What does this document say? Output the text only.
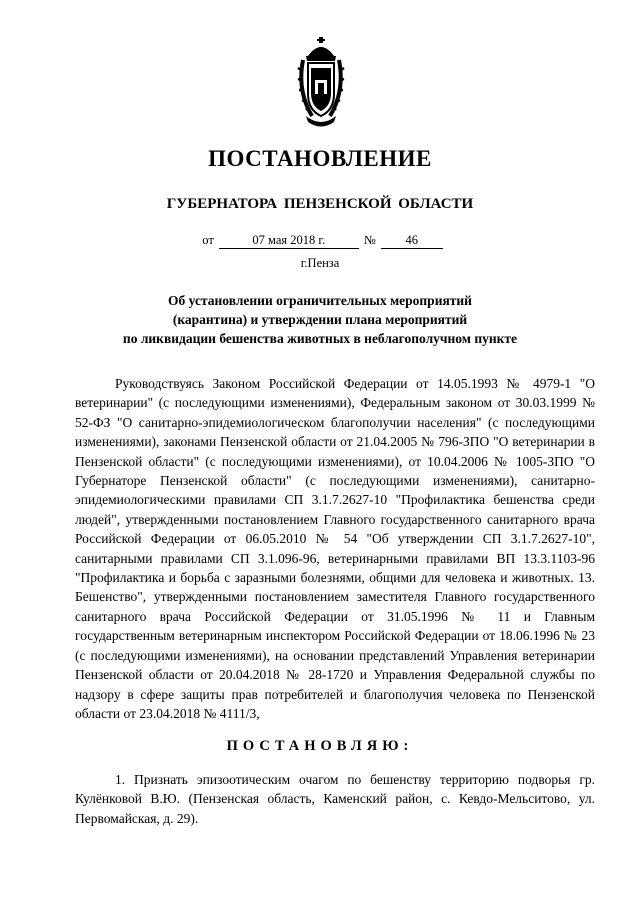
ПОСТАНОВЛЕНИЕ
ГУБЕРНАТОРА ПЕНЗЕНСКОЙ ОБЛАСТИ
от	07 мая 2018 г.	№ 46
г.Пенза
Об установлении ограничительных мероприятий
(карантина) и утверждении плана мероприятий
по ликвидации бешенства животных в неблагополучном пункте

Руководствуясь Законом Российской Федерации от 14.05.1993 № 4979-1 "О ветеринарии" (с последующими изменениями), Федеральным законом от 30.03.1999 № 52-ФЗ "О санитарно-эпидемиологическом благополучии населения" (с последующими изменениями), законами Пензенской области от 21.04.2005 № 796-ЗПО "О ветеринарии в Пензенской области" (с последующими изменениями), от 10.04.2006 № 1005-ЗПО "О Губернаторе Пензенской области" (с последующими изменениями), санитарно-эпидемиологическими правилами СП 3.1.7.2627-10 "Профилактика бешенства среди людей", утвержденными постановлением Главного государственного санитарного врача Российской Федерации от 06.05.2010 № 54 "Об утверждении СП 3.1.7.2627-10", санитарными правилами СП 3.1.096-96, ветеринарными правилами ВП 13.3.1103-96 "Профилактика и борьба с заразными болезнями, общими для человека и животных. 13. Бешенство", утвержденными постановлением заместителя Главного государственного санитарного врача Российской Федерации от 31.05.1996 № 11 и Главным государственным ветеринарным инспектором Российской Федерации от 18.06.1996 № 23 (с последующими изменениями), на основании представлений Управления ветеринарии Пензенской области от 20.04.2018 № 28-1720 и Управления Федеральной службы по надзору в сфере защиты прав потребителей и благополучия человека по Пензенской области от 23.04.2018 № 4111/3,

ПОСТАНОВЛЯЮ:

1. Признать эпизоотическим очагом по бешенству территорию подворья гр. Кулёнковой В.Ю. (Пензенская область, Каменский район, с. Кевдо-Мельситово, ул. Первомайская, д. 29).
